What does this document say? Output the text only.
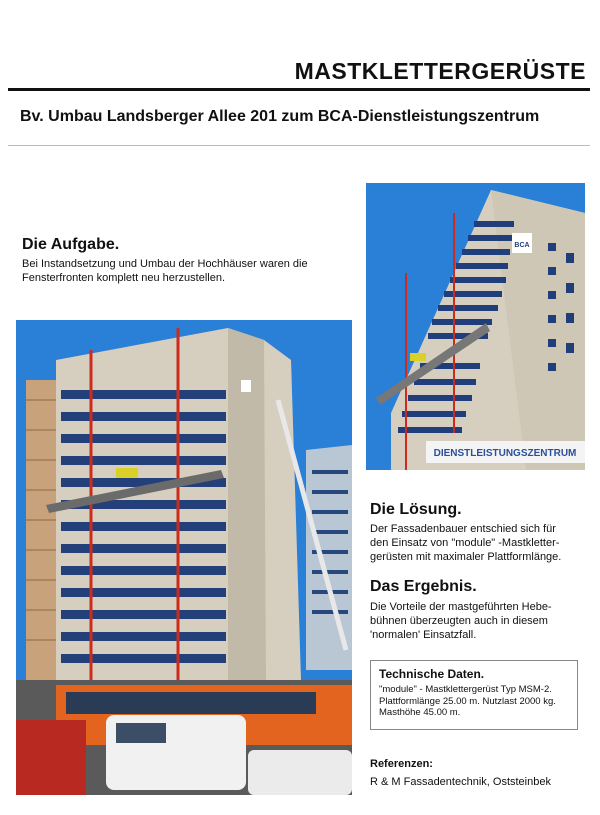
MASTKLETTERGERÜSTE
Bv. Umbau Landsberger Allee 201 zum BCA-Dienstleistungszentrum
Die Aufgabe.

Bei Instandsetzung und Umbau der Hochhäuser waren die

Fensterfronten komplett neu herzustellen.

BCA
DIENSTLEISTUNGSZENTRUM
Die Lösung.

Der Fassadenbauer entschied sich für

den Einsatz von "module" -Mastkletter-

gerüsten mit maximaler Plattformlänge.

Das Ergebnis.

Die Vorteile der mastgeführten Hebe-

bühnen überzeugten auch in diesem

'normalen' Einsatzfall.

Technische Daten.

"module" - Mastklettergerüst Typ MSM-2.

Plattformlänge 25.00 m. Nutzlast 2000 kg.

Masthöhe 45.00 m.

Referenzen:

R & M Fassadentechnik, Oststeinbek
